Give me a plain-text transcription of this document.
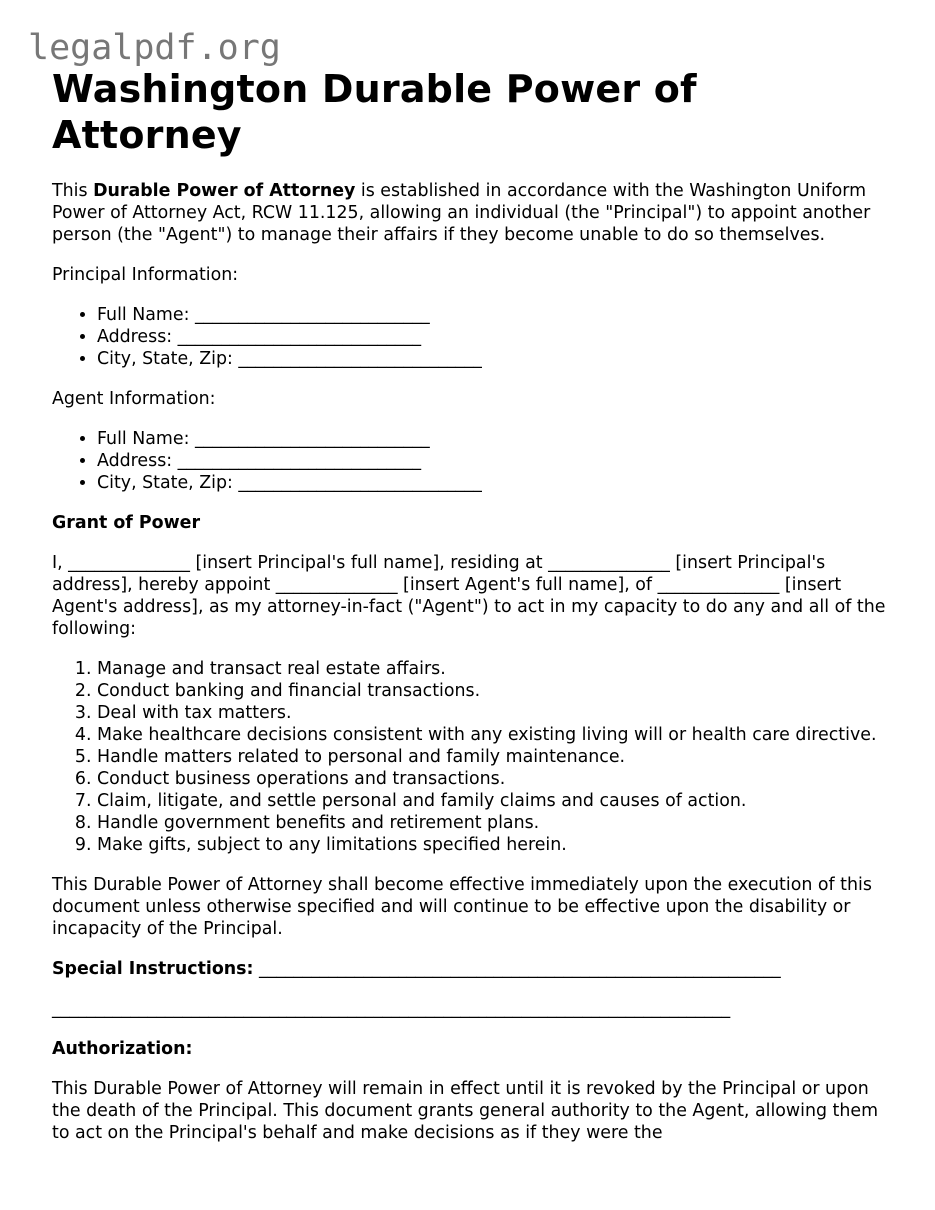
legalpdf.org
Washington Durable Power of Attorney

This Durable Power of Attorney is established in accordance with the Washington Uniform Power of Attorney Act, RCW 11.125, allowing an individual (the "Principal") to appoint another person (the "Agent") to manage their affairs if they become unable to do so themselves.

Principal Information:

• Full Name: ___________________________
• Address: ____________________________
• City, State, Zip: ____________________________

Agent Information:

• Full Name: ___________________________
• Address: ____________________________
• City, State, Zip: ____________________________

Grant of Power

I, ______________ [insert Principal's full name], residing at ______________ [insert Principal's address], hereby appoint ______________ [insert Agent's full name], of ______________ [insert Agent's address], as my attorney-in-fact ("Agent") to act in my capacity to do any and all of the following:

1. Manage and transact real estate affairs.
2. Conduct banking and financial transactions.
3. Deal with tax matters.
4. Make healthcare decisions consistent with any existing living will or health care directive.
5. Handle matters related to personal and family maintenance.
6. Conduct business operations and transactions.
7. Claim, litigate, and settle personal and family claims and causes of action.
8. Handle government benefits and retirement plans.
9. Make gifts, subject to any limitations specified herein.

This Durable Power of Attorney shall become effective immediately upon the execution of this document unless otherwise specified and will continue to be effective upon the disability or incapacity of the Principal.

Special Instructions: ____________________________________________________________

______________________________________________________________________________

Authorization:

This Durable Power of Attorney will remain in effect until it is revoked by the Principal or upon the death of the Principal. This document grants general authority to the Agent, allowing them to act on the Principal's behalf and make decisions as if they were the
